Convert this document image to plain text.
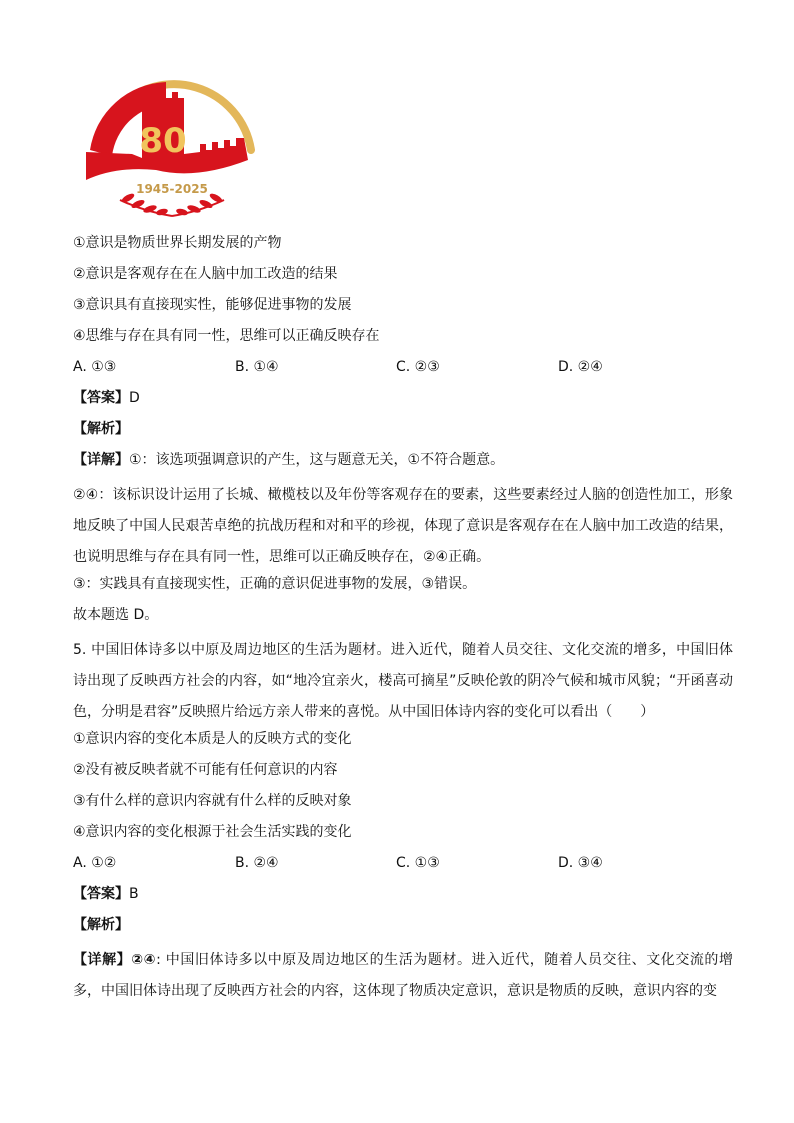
80
1945-2025

①意识是物质世界长期发展的产物

②意识是客观存在在人脑中加工改造的结果

③意识具有直接现实性，能够促进事物的发展

④思维与存在具有同一性，思维可以正确反映存在

A. ①③	B. ①④	C. ②③	D. ②④

【答案】D

【解析】

【详解】①：该选项强调意识的产生，这与题意无关，①不符合题意。

②④：该标识设计运用了长城、橄榄枝以及年份等客观存在的要素，这些要素经过人脑的创造性加工，形象地反映了中国人民艰苦卓绝的抗战历程和对和平的珍视，体现了意识是客观存在在人脑中加工改造的结果，也说明思维与存在具有同一性，思维可以正确反映存在，②④正确。

③：实践具有直接现实性，正确的意识促进事物的发展，③错误。

故本题选 D。

5. 中国旧体诗多以中原及周边地区的生活为题材。进入近代，随着人员交往、文化交流的增多，中国旧体诗出现了反映西方社会的内容，如“地冷宜亲火，楼高可摘星”反映伦敦的阴冷气候和城市风貌；“开函喜动色，分明是君容”反映照片给远方亲人带来的喜悦。从中国旧体诗内容的变化可以看出（　　）

①意识内容的变化本质是人的反映方式的变化

②没有被反映者就不可能有任何意识的内容

③有什么样的意识内容就有什么样的反映对象

④意识内容的变化根源于社会生活实践的变化

A. ①②	B. ②④	C. ①③	D. ③④

【答案】B

【解析】

【详解】②④: 中国旧体诗多以中原及周边地区的生活为题材。进入近代，随着人员交往、文化交流的增多，中国旧体诗出现了反映西方社会的内容，这体现了物质决定意识，意识是物质的反映，意识内容的变
